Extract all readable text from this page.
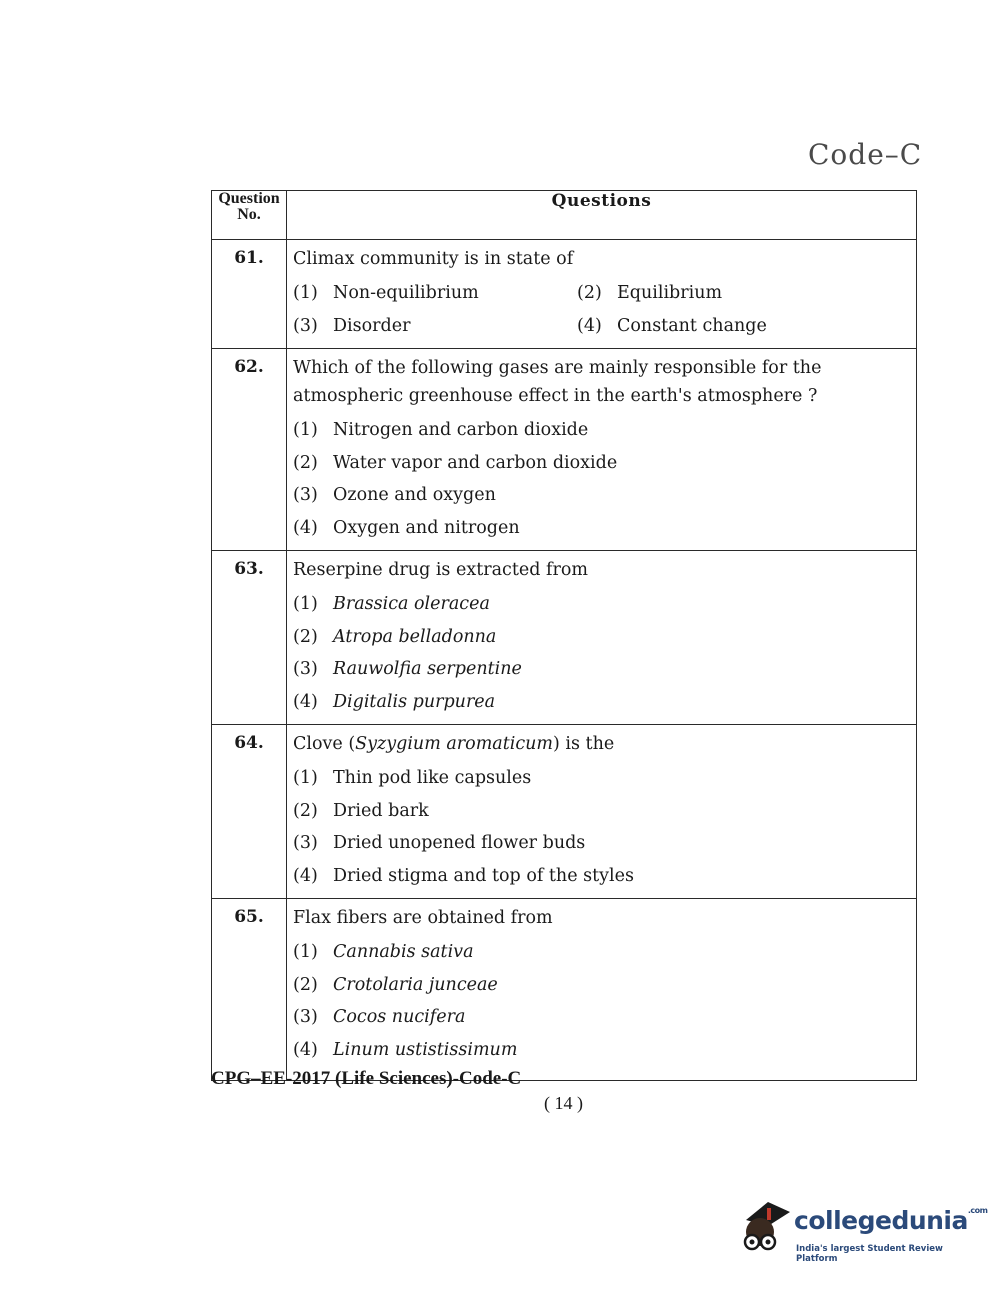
Code–C
Question
No.	Questions
61.	Climax community is in state of
(1) Non-equilibrium (2) Equilibrium
(3) Disorder (4) Constant change

62.	Which of the following gases are mainly responsible for the atmospheric greenhouse effect in the earth's atmosphere ?
(1) Nitrogen and carbon dioxide
(2) Water vapor and carbon dioxide
(3) Ozone and oxygen
(4) Oxygen and nitrogen

63.	Reserpine drug is extracted from
(1) Brassica oleracea
(2) Atropa belladonna
(3) Rauwolfia serpentine
(4) Digitalis purpurea

64.	Clove (Syzygium aromaticum) is the
(1) Thin pod like capsules
(2) Dried bark
(3) Dried unopened flower buds
(4) Dried stigma and top of the styles

65.	Flax fibers are obtained from
(1) Cannabis sativa
(2) Crotolaria junceae
(3) Cocos nucifera
(4) Linum ustistissimum
CPG–EE-2017 (Life Sciences)-Code-C
( 14 )
collegedunia$^{.com}$
India's largest Student Review Platform
